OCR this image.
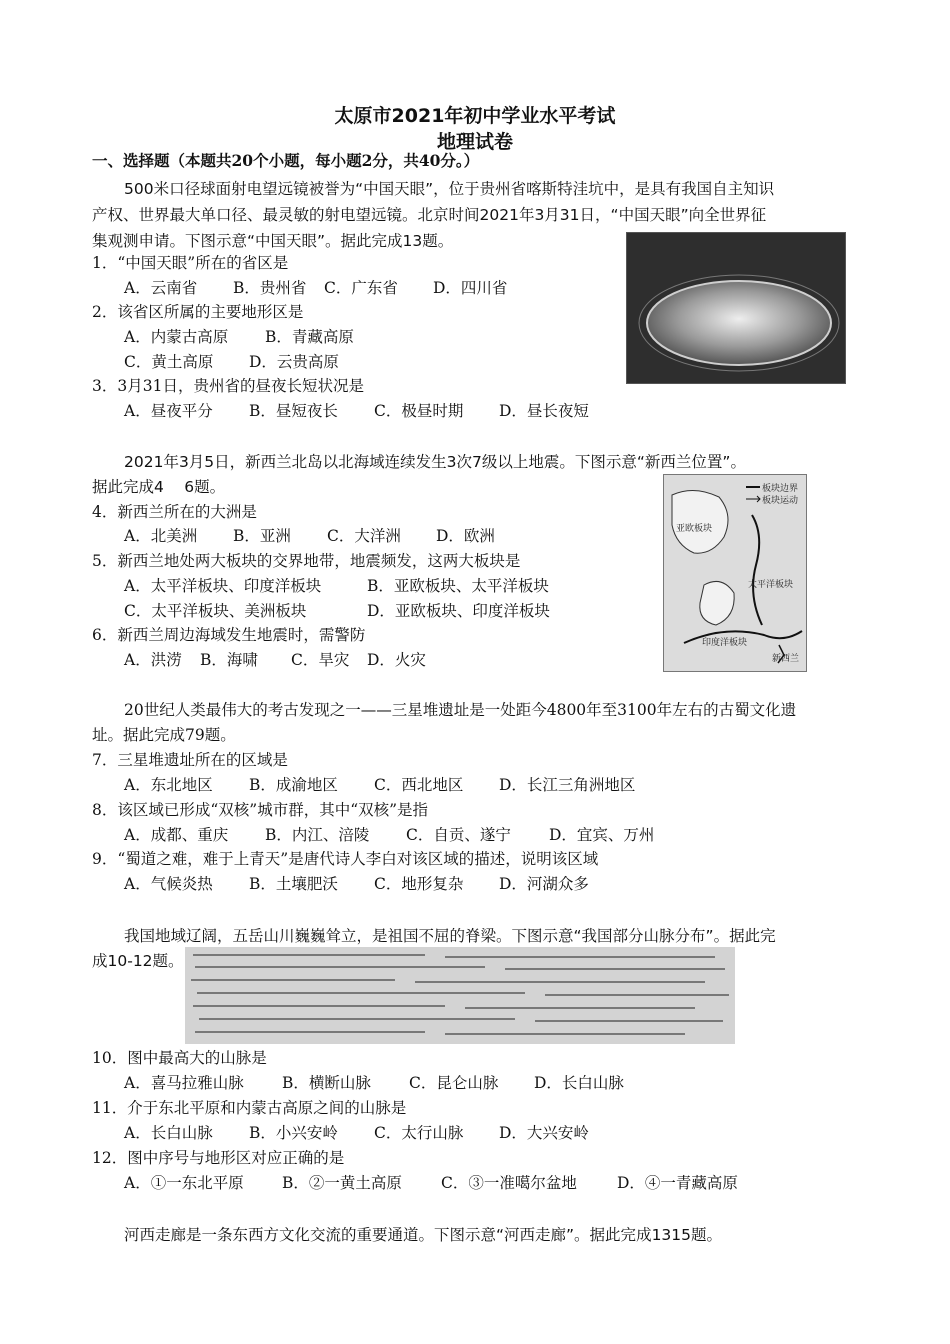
太原市2021年初中学业水平考试
地理试卷
一、选择题（本题共20个小题，每小题2分，共40分。）
500米口径球面射电望远镜被誉为“中国天眼”，位于贵州省喀斯特洼坑中，是具有我国自主知识
产权、世界最大单口径、最灵敏的射电望远镜。北京时间2021年3月31日，“中国天眼”向全世界征
集观测申请。下图示意“中国天眼”。据此完成13题。
1．“中国天眼”所在的省区是
A．云南省 B．贵州省 C．广东省 D．四川省
2．该省区所属的主要地形区是
A．内蒙古高原 B．青藏高原
C．黄土高原 D．云贵高原
3．3月31日，贵州省的昼夜长短状况是
A．昼夜平分 B．昼短夜长 C．极昼时期 D．昼长夜短
2021年3月5日，新西兰北岛以北海域连续发生3次7级以上地震。下图示意“新西兰位置”。
据此完成4　 6题。	板块边界
板块运动
亚欧板块
太平洋板块
印度洋板块
新西兰
4．新西兰所在的大洲是
A．北美洲 B．亚洲 C．大洋洲 D．欧洲
5．新西兰地处两大板块的交界地带，地震频发，这两大板块是
A．太平洋板块、印度洋板块	B．亚欧板块、太平洋板块
C．太平洋板块、美洲板块	D．亚欧板块、印度洋板块
6．新西兰周边海域发生地震时，需警防
A．洪涝 B．海啸 C．旱灾 D．火灾
20世纪人类最伟大的考古发现之一——三星堆遗址是一处距今4800年至3100年左右的古蜀文化遗
址。据此完成79题。
7．三星堆遗址所在的区域是
A．东北地区 B．成渝地区 C．西北地区 D．长江三角洲地区
8．该区域已形成“双核”城市群，其中“双核”是指
A．成都、重庆 B．内江、涪陵 C．自贡、遂宁 D．宜宾、万州
9．“蜀道之难，难于上青天”是唐代诗人李白对该区域的描述，说明该区域
A．气候炎热 B．土壤肥沃 C．地形复杂 D．河湖众多
我国地域辽阔，五岳山川巍巍耸立，是祖国不屈的脊梁。下图示意“我国部分山脉分布”。据此完
成10-12题。
10．图中最高大的山脉是
A．喜马拉雅山脉 B．横断山脉 C．昆仑山脉 D．长白山脉
11．介于东北平原和内蒙古高原之间的山脉是
A．长白山脉 B．小兴安岭 C．太行山脉 D．大兴安岭
12．图中序号与地形区对应正确的是
A．①一东北平原 B．②一黄土高原	C．③一准噶尔盆地	D．④一青藏高原
河西走廊是一条东西方文化交流的重要通道。下图示意“河西走廊”。据此完成1315题。
